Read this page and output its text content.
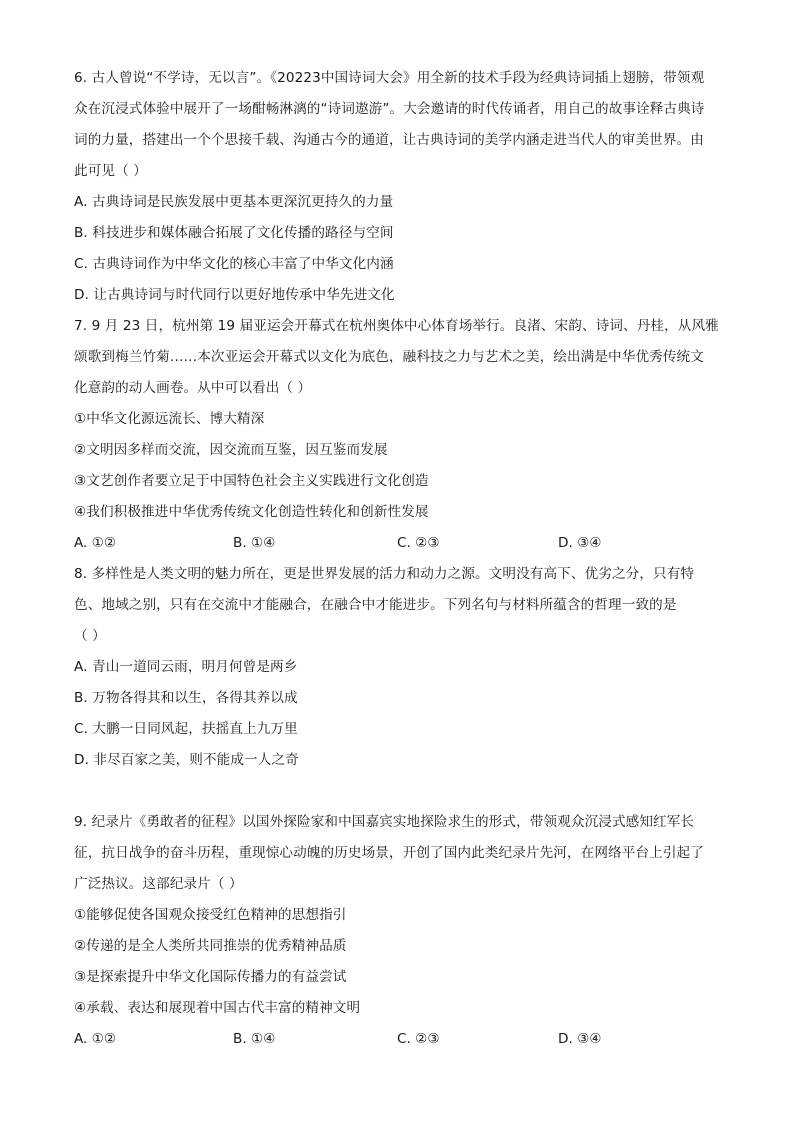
6. 古人曾说“不学诗，无以言”。《20223中国诗词大会》用全新的技术手段为经典诗词插上翅膀，带领观
众在沉浸式体验中展开了一场酣畅淋漓的“诗词遨游”。大会邀请的时代传诵者，用自己的故事诠释古典诗
词的力量，搭建出一个个思接千载、沟通古今的通道，让古典诗词的美学内涵走进当代人的审美世界。由
此可见（ ）
A. 古典诗词是民族发展中更基本更深沉更持久的力量
B. 科技进步和媒体融合拓展了文化传播的路径与空间
C. 古典诗词作为中华文化的核心丰富了中华文化内涵
D. 让古典诗词与时代同行以更好地传承中华先进文化
7. 9 月 23 日，杭州第 19 届亚运会开幕式在杭州奥体中心体育场举行。良渚、宋韵、诗词、丹桂，从风雅
颂歌到梅兰竹菊……本次亚运会开幕式以文化为底色，融科技之力与艺术之美，绘出满是中华优秀传统文
化意韵的动人画卷。从中可以看出（ ）
①中华文化源远流长、博大精深
②文明因多样而交流，因交流而互鉴，因互鉴而发展
③文艺创作者要立足于中国特色社会主义实践进行文化创造
④我们积极推进中华优秀传统文化创造性转化和创新性发展
A. ①②	B. ①④	C. ②③	D. ③④
8. 多样性是人类文明的魅力所在，更是世界发展的活力和动力之源。文明没有高下、优劣之分，只有特
色、地域之别，只有在交流中才能融合，在融合中才能进步。下列名句与材料所蕴含的哲理一致的是
（ ）
A. 青山一道同云雨，明月何曾是两乡
B. 万物各得其和以生，各得其养以成
C. 大鹏一日同风起，扶摇直上九万里
D. 非尽百家之美，则不能成一人之奇
9. 纪录片《勇敢者的征程》以国外探险家和中国嘉宾实地探险求生的形式，带领观众沉浸式感知红军长
征，抗日战争的奋斗历程，重现惊心动魄的历史场景，开创了国内此类纪录片先河，在网络平台上引起了
广泛热议。这部纪录片（ ）
①能够促使各国观众接受红色精神的思想指引
②传递的是全人类所共同推崇的优秀精神品质
③是探索提升中华文化国际传播力的有益尝试
④承载、表达和展现着中国古代丰富的精神文明
A. ①②	B. ①④	C. ②③	D. ③④
